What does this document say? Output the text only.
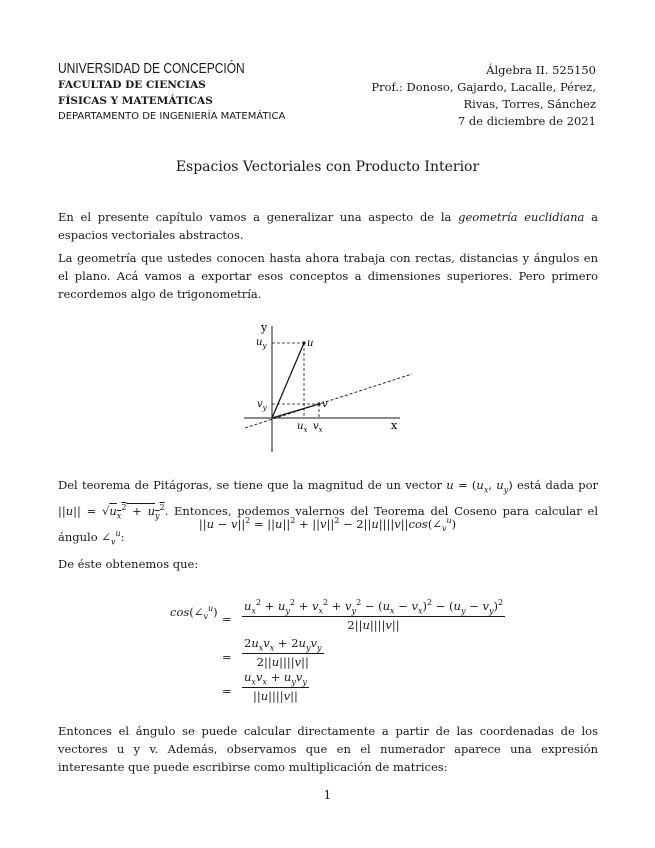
UNIVERSIDAD DE CONCEPCIÓN
FACULTAD DE CIENCIAS
FÍSICAS Y MATEMÁTICAS
DEPARTAMENTO DE INGENIERÍA MATEMÁTICA
Álgebra II. 525150
Prof.: Donoso, Gajardo, Lacalle, Pérez,
Rivas, Torres, Sánchez
7 de diciembre de 2021
Espacios Vectoriales con Producto Interior
En el presente capítulo vamos a generalizar una aspecto de la geometría euclidiana a espacios vectoriales abstractos.
La geometría que ustedes conocen hasta ahora trabaja con rectas, distancias y ángulos en el plano. Acá vamos a exportar esos conceptos a dimensiones superiores. Pero primero recordemos algo de trigonometría.
y
x
u
v
$u_y$
$v_y$
$u_x$ $v_x$
Del teorema de Pitágoras, se tiene que la magnitud de un vector $u = (u_x$, $u_y$) está dada por $||u|| = √u_x^2 + u_y^2$. Entonces, podemos valernos del Teorema del Coseno para calcular el ángulo $\angle_v^u$:
$||u - v||^2 = ||u||^2 + ||v||^2$ − $2||u||||v||\cos(\angle_v^u)$
De éste obtenemos que:
$\cos(\angle_v^u)$
= $\frac{u_x^2 + u_y^2 + v_x^2 + v_y^2 - (u_x - v_x)^2 - (u_y - v_y)^2}{2||u||||v||}$
= $\frac{2u_xv_x + 2u_yv_y}{2||u||||v||}$
= $\frac{u_xv_x + u_yv_y}{||u||||v||}$
Entonces el ángulo se puede calcular directamente a partir de las coordenadas de los vectores u y v. Además, observamos que en el numerador aparece una expresión interesante que puede escribirse como multiplicación de matrices:
1
